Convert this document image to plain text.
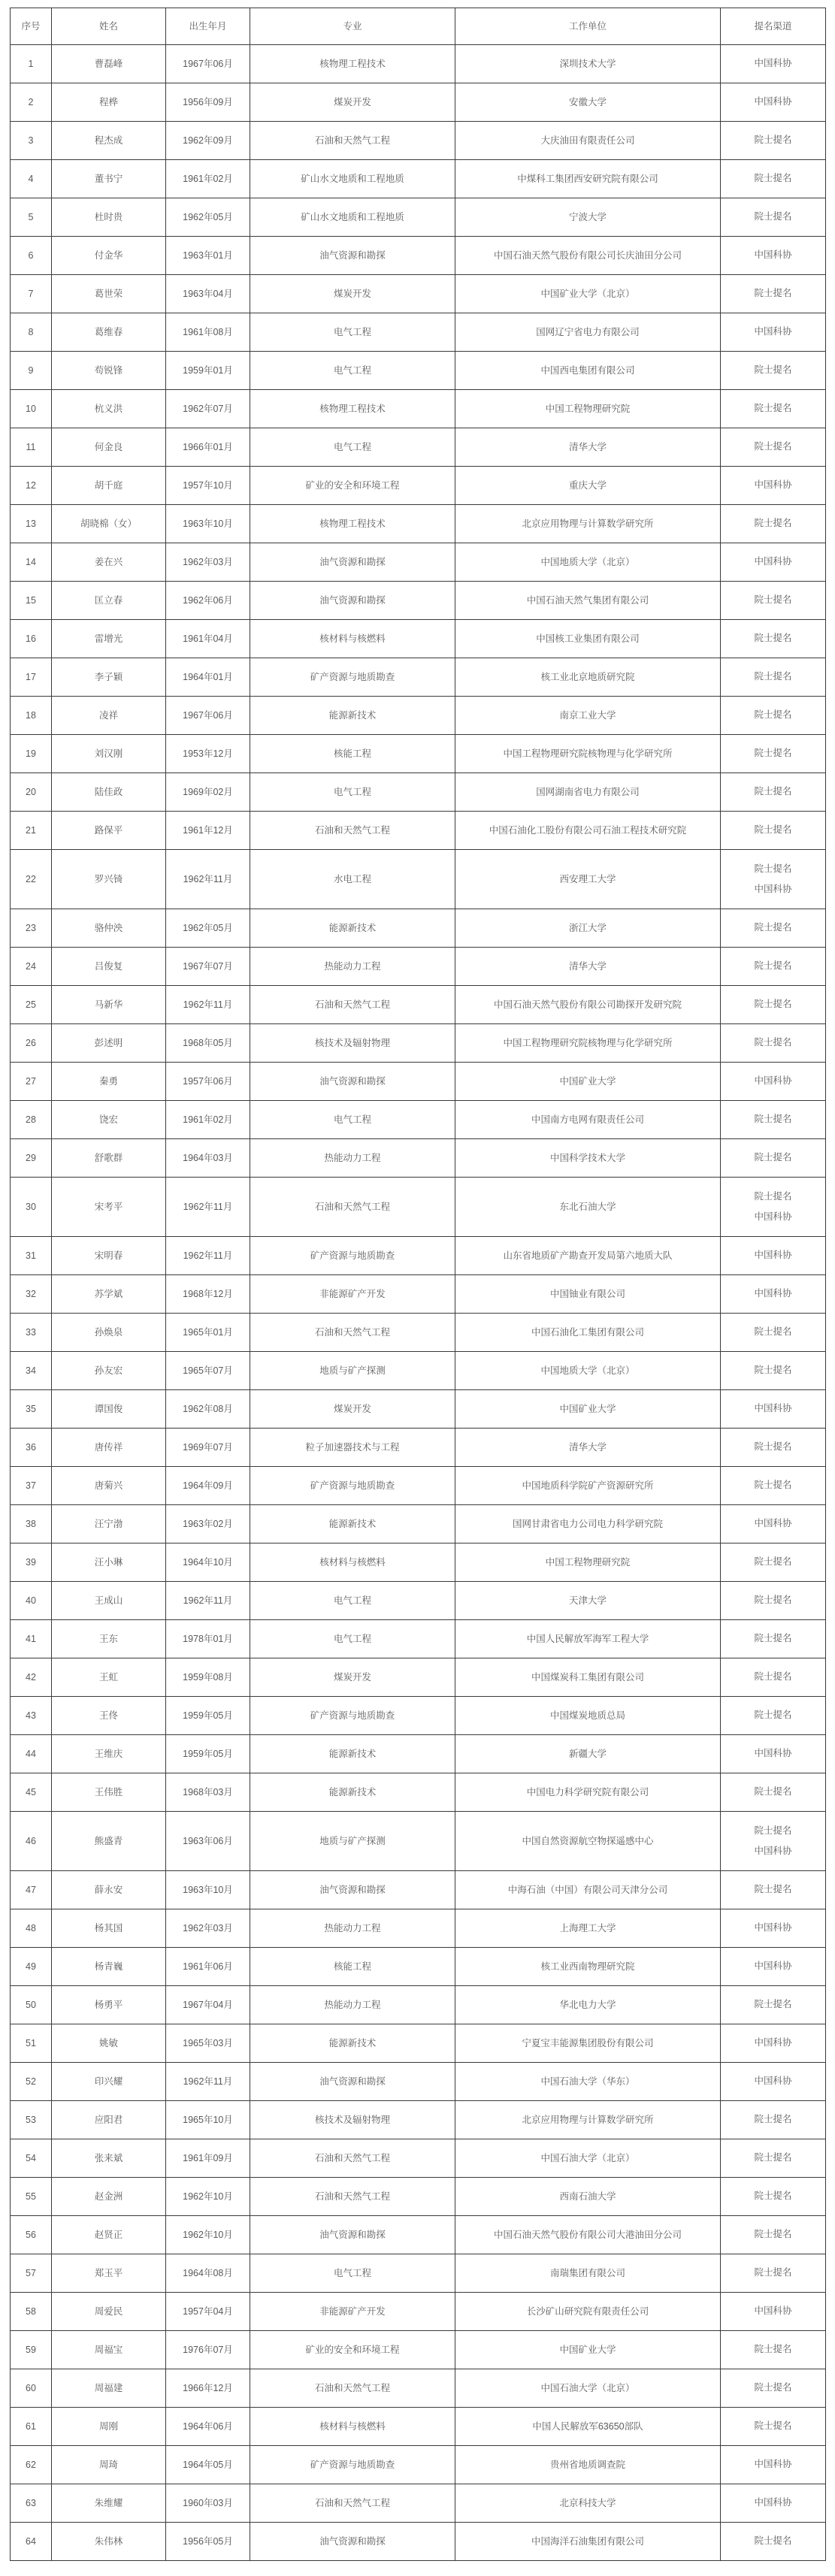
序号	姓名	出生年月	专业	工作单位	提名渠道
1	曹磊峰	1967年06月	核物理工程技术	深圳技术大学	中国科协

2	程桦	1956年09月	煤炭开发	安徽大学	中国科协

3	程杰成	1962年09月	石油和天然气工程	大庆油田有限责任公司	院士提名

4	董书宁	1961年02月	矿山水文地质和工程地质	中煤科工集团西安研究院有限公司	院士提名

5	杜时贵	1962年05月	矿山水文地质和工程地质	宁波大学	院士提名

6	付金华	1963年01月	油气资源和勘探	中国石油天然气股份有限公司长庆油田分公司	中国科协

7	葛世荣	1963年04月	煤炭开发	中国矿业大学（北京）	院士提名

8	葛维春	1961年08月	电气工程	国网辽宁省电力有限公司	中国科协

9	苟锐锋	1959年01月	电气工程	中国西电集团有限公司	院士提名

10	杭义洪	1962年07月	核物理工程技术	中国工程物理研究院	院士提名

11	何金良	1966年01月	电气工程	清华大学	院士提名

12	胡千庭	1957年10月	矿业的安全和环境工程	重庆大学	中国科协

13	胡晓棉（女）	1963年10月	核物理工程技术	北京应用物理与计算数学研究所	院士提名

14	姜在兴	1962年03月	油气资源和勘探	中国地质大学（北京）	中国科协

15	匡立春	1962年06月	油气资源和勘探	中国石油天然气集团有限公司	院士提名

16	雷增光	1961年04月	核材料与核燃料	中国核工业集团有限公司	院士提名

17	李子颖	1964年01月	矿产资源与地质勘查	核工业北京地质研究院	院士提名

18	凌祥	1967年06月	能源新技术	南京工业大学	院士提名

19	刘汉刚	1953年12月	核能工程	中国工程物理研究院核物理与化学研究所	院士提名

20	陆佳政	1969年02月	电气工程	国网湖南省电力有限公司	院士提名

21	路保平	1961年12月	石油和天然气工程	中国石油化工股份有限公司石油工程技术研究院	院士提名

22	罗兴锜	1962年11月	水电工程	西安理工大学	院士提名
中国科协

23	骆仲泱	1962年05月	能源新技术	浙江大学	院士提名

24	吕俊复	1967年07月	热能动力工程	清华大学	院士提名

25	马新华	1962年11月	石油和天然气工程	中国石油天然气股份有限公司勘探开发研究院	院士提名

26	彭述明	1968年05月	核技术及辐射物理	中国工程物理研究院核物理与化学研究所	院士提名

27	秦勇	1957年06月	油气资源和勘探	中国矿业大学	中国科协

28	饶宏	1961年02月	电气工程	中国南方电网有限责任公司	院士提名

29	舒歌群	1964年03月	热能动力工程	中国科学技术大学	院士提名

30	宋考平	1962年11月	石油和天然气工程	东北石油大学	院士提名
中国科协

31	宋明春	1962年11月	矿产资源与地质勘查	山东省地质矿产勘查开发局第六地质大队	中国科协

32	苏学斌	1968年12月	非能源矿产开发	中国铀业有限公司	中国科协

33	孙焕泉	1965年01月	石油和天然气工程	中国石油化工集团有限公司	院士提名

34	孙友宏	1965年07月	地质与矿产探测	中国地质大学（北京）	院士提名

35	谭国俊	1962年08月	煤炭开发	中国矿业大学	中国科协

36	唐传祥	1969年07月	粒子加速器技术与工程	清华大学	院士提名

37	唐菊兴	1964年09月	矿产资源与地质勘查	中国地质科学院矿产资源研究所	院士提名

38	汪宁渤	1963年02月	能源新技术	国网甘肃省电力公司电力科学研究院	中国科协

39	汪小琳	1964年10月	核材料与核燃料	中国工程物理研究院	院士提名

40	王成山	1962年11月	电气工程	天津大学	院士提名

41	王东	1978年01月	电气工程	中国人民解放军海军工程大学	院士提名

42	王虹	1959年08月	煤炭开发	中国煤炭科工集团有限公司	院士提名

43	王佟	1959年05月	矿产资源与地质勘查	中国煤炭地质总局	院士提名

44	王维庆	1959年05月	能源新技术	新疆大学	中国科协

45	王伟胜	1968年03月	能源新技术	中国电力科学研究院有限公司	院士提名

46	熊盛青	1963年06月	地质与矿产探测	中国自然资源航空物探遥感中心	院士提名
中国科协

47	薛永安	1963年10月	油气资源和勘探	中海石油（中国）有限公司天津分公司	院士提名

48	杨其国	1962年03月	热能动力工程	上海理工大学	中国科协

49	杨青巍	1961年06月	核能工程	核工业西南物理研究院	中国科协

50	杨勇平	1967年04月	热能动力工程	华北电力大学	院士提名

51	姚敏	1965年03月	能源新技术	宁夏宝丰能源集团股份有限公司	中国科协

52	印兴耀	1962年11月	油气资源和勘探	中国石油大学（华东）	中国科协

53	应阳君	1965年10月	核技术及辐射物理	北京应用物理与计算数学研究所	院士提名

54	张来斌	1961年09月	石油和天然气工程	中国石油大学（北京）	院士提名

55	赵金洲	1962年10月	石油和天然气工程	西南石油大学	院士提名

56	赵贤正	1962年10月	油气资源和勘探	中国石油天然气股份有限公司大港油田分公司	院士提名

57	郑玉平	1964年08月	电气工程	南瑞集团有限公司	院士提名

58	周爱民	1957年04月	非能源矿产开发	长沙矿山研究院有限责任公司	中国科协

59	周福宝	1976年07月	矿业的安全和环境工程	中国矿业大学	院士提名

60	周福建	1966年12月	石油和天然气工程	中国石油大学（北京）	院士提名

61	周刚	1964年06月	核材料与核燃料	中国人民解放军63650部队	院士提名

62	周琦	1964年05月	矿产资源与地质勘查	贵州省地质调查院	中国科协

63	朱维耀	1960年03月	石油和天然气工程	北京科技大学	中国科协

64	朱伟林	1956年05月	油气资源和勘探	中国海洋石油集团有限公司	院士提名
